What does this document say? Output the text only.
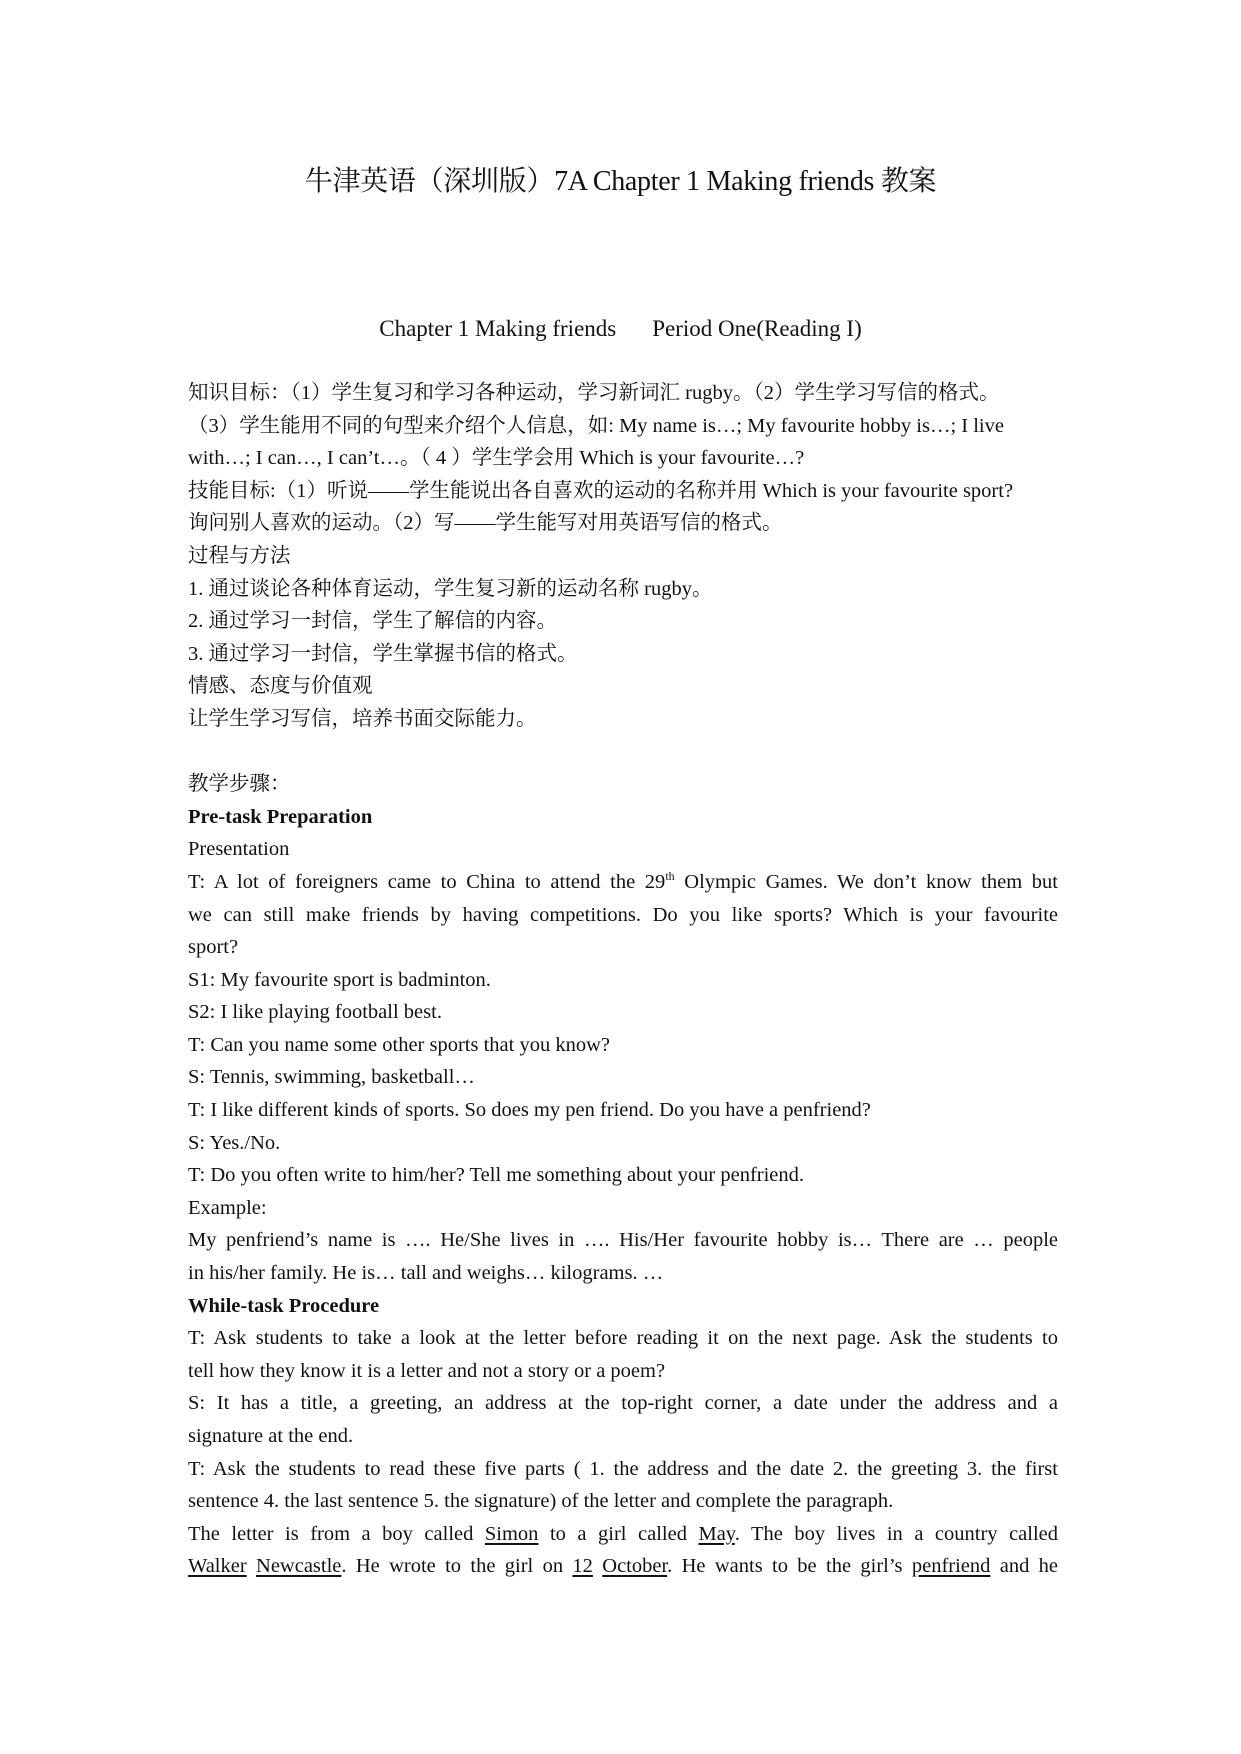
牛津英语（深圳版）7A Chapter 1 Making friends 教案
Chapter 1 Making friends Period One(Reading I)
知识目标：（1）学生复习和学习各种运动，学习新词汇 rugby。（2）学生学习写信的格式。
（3）学生能用不同的句型来介绍个人信息，如: My name is…; My favourite hobby is…; I live
with…; I can…, I can’t…。（ 4 ）学生学会用 Which is your favourite…?
技能目标:（1）听说——学生能说出各自喜欢的运动的名称并用 Which is your favourite sport?
询问别人喜欢的运动。（2）写——学生能写对用英语写信的格式。
过程与方法
1. 通过谈论各种体育运动，学生复习新的运动名称 rugby。
2. 通过学习一封信，学生了解信的内容。
3. 通过学习一封信，学生掌握书信的格式。
情感、态度与价值观
让学生学习写信，培养书面交际能力。
教学步骤：
Pre-task Preparation
Presentation
T: A lot of foreigners came to China to attend the 29th Olympic Games. We don’t know them but
we can still make friends by having competitions. Do you like sports? Which is your favourite
sport?
S1: My favourite sport is badminton.
S2: I like playing football best.
T: Can you name some other sports that you know?
S: Tennis, swimming, basketball…
T: I like different kinds of sports. So does my pen friend. Do you have a penfriend?
S: Yes./No.
T: Do you often write to him/her? Tell me something about your penfriend.
Example:
My penfriend’s name is …. He/She lives in …. His/Her favourite hobby is… There are … people
in his/her family. He is… tall and weighs… kilograms. …
While-task Procedure
T: Ask students to take a look at the letter before reading it on the next page. Ask the students to
tell how they know it is a letter and not a story or a poem?
S: It has a title, a greeting, an address at the top-right corner, a date under the address and a
signature at the end.
T: Ask the students to read these five parts ( 1. the address and the date 2. the greeting 3. the first
sentence 4. the last sentence 5. the signature) of the letter and complete the paragraph.
The letter is from a boy called Simon to a girl called May. The boy lives in a country called
Walker Newcastle. He wrote to the girl on 12 October. He wants to be the girl’s penfriend and he
